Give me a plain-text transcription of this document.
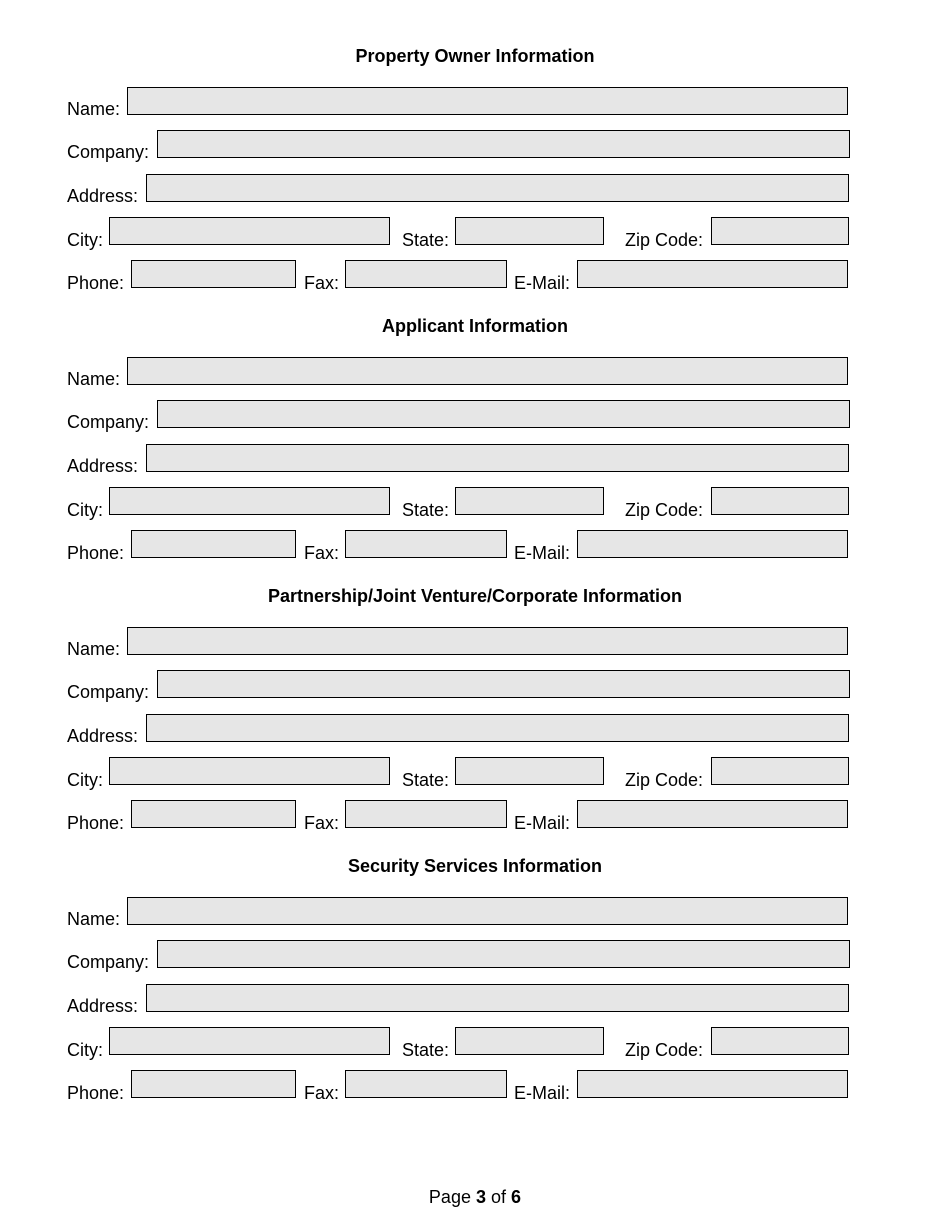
Property Owner Information
Name:
Company:
Address:
City:	State:	Zip Code:
Phone:	Fax:	E-Mail:
Applicant Information
Name:
Company:
Address:
City:	State:	Zip Code:
Phone:	Fax:	E-Mail:
Partnership/Joint Venture/Corporate Information
Name:
Company:
Address:
City:	State:	Zip Code:
Phone:	Fax:	E-Mail:
Security Services Information
Name:
Company:
Address:
City:	State:	Zip Code:
Phone:	Fax:	E-Mail:
Page 3 of 6
